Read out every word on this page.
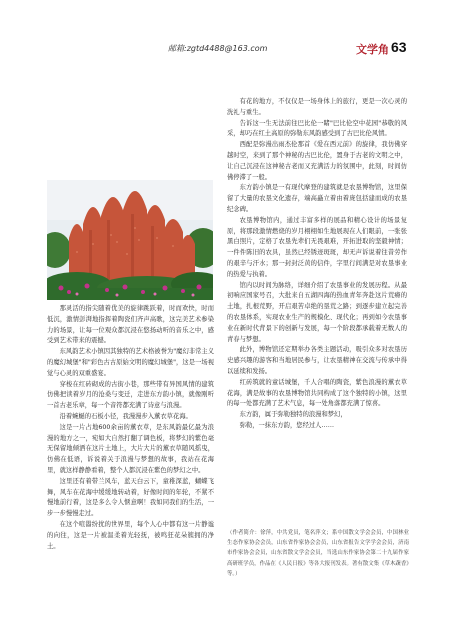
邮箱:zgtd4488@163.com	文学角 63

那灵活的指尖随着优美的旋律跳跃着，时而欢快，时而低沉，激情彭湃地指挥着陶瓷们齐声高歌，这完美艺术参染力的场景，让每一位观众都沉浸在悠扬动听的音乐之中，感受到艺术带来的震撼。

东风韵艺术小镇因其独特的艺术格被誉为"魔幻非常主义的魔幻城堡"和"彩色古古原始文明的魔幻城堡"，这是一场视觉与心灵的双重盛宴。

穿梭在红砖砌成的古街小巷，那些带有异国风情的建筑仿佛把读着岁月的沧桑与变迁，走进东方韵小镇，就像刚听一首古老乐章，每一个音符都充满了诗意与浪漫。

沿着蜿蜒的石板小径，我漫漫步入薰衣草花海。

这是一片占地600余亩的薰衣草，是东风韵最亿最为浪漫的地方之一，宛如大自然打翻了调色板，将梦幻的紫色毫无保留地倾洒在这片土地上，大片大片的薰衣草随风摇曳，仿佛在低语，诉说着关于浪漫与梦想的故事，我站在花海里，就这样静静看着，整个人都沉浸在紫色的梦幻之中。

这里还有着带兰风车，蓝天白云下，童稚深蓝，蝴蝶飞舞，风车在花海中缓缓地转动着，好像时间的年轮，不紧不慢地前行着，这是多么令人惬意啊！我如同我们的生活，一步一步慢慢走过。

在这个喧嚣纷扰的世界里，每个人心中都有这一片静谧的向往，这是一片被温柔着光轻抚，被鸣狂花朵簇拥的净土。

有花的地方，不仅仅是一场身体上的旅行，更是一次心灵的洗礼与重生。

告诉这一生无法前往巴比伦一睹"巴比伦空中花园"恭敬的风采，却巧在红土高原的弥勒东风韵感受到了古巴比伦风情。

西配是弥漫出雨杰伦那首《爱在西元前》的旋律，我仿佛穿越时空，来到了那个神秘的古巴比伦，置身于古老的文明之中，让自己沉浸在这神秘古老而又充满活力的氛围中，此刻，时间仿佛停滞了一般。

东方韵小镇是一有现代摩登的建筑就是农垦博物馆，这里保留了大量的农垦文化遗存，端高矗立着由着庞包括建而成的农垦纪念碑。

农垦博物馆内，通过丰富多样的展品和精心设计的场景复原，将那段激情燃烧的岁月栩栩如生地展现在人们眼前，一张张黑白照片，定格了农垦先辈们无畏艰难，开拓进取的坚毅神情；一件件陈旧的农具，虽然已经锈迹斑斑，却无声诉说着往昔劳作的艰辛与汗水；那一封封泛黄的信件，字里行间满是对农垦事业的热爱与执着。

馆内以时间为脉络，详细介绍了农垦事业的发展历程。从最初响应国家号召，大批来自五湖四海的热血青年奔赴这片荒瘠的土地，扎根荒野，开启艰苦卓绝的垦荒之路；到逐步建立起完善的农垦体系，实现农业生产的规模化、现代化；再到如今农垦事业在新时代背景下的创新与发展，每一个阶段都承载着无数人的青春与梦想。

此外，博物馆还定期举办各类主题活动，吸引众多对农垦历史感兴趣的游客和当地居民参与，让农垦精神在交流与传承中得以延续和发扬。

红砖筑就的童话城堡，千人合唱的陶瓷，紫色浪漫的薰衣草花海，满是故事的农垦博物馆共同构成了这个独特的小镇，这里的每一处都充满了艺术气息，每一处角落都充满了惊喜。

东方韵，属于弥勒独特的浪漫和梦幻，

弥勒，一抹东方韵，您经过人……

（作者简介：徐萍，中共党员，笔名萍文；系中国散文学会会员，中国林业生态作家协会会员，山东省作家协会会员，山东省报告文学学会会员，济南市作家协会会员，山东省散文学会会员，当选山东作家协会第二十九届作家高研班学员，作品在《人民日报》等各大报刊发表。著有散文集《草木蔬香》等。）
